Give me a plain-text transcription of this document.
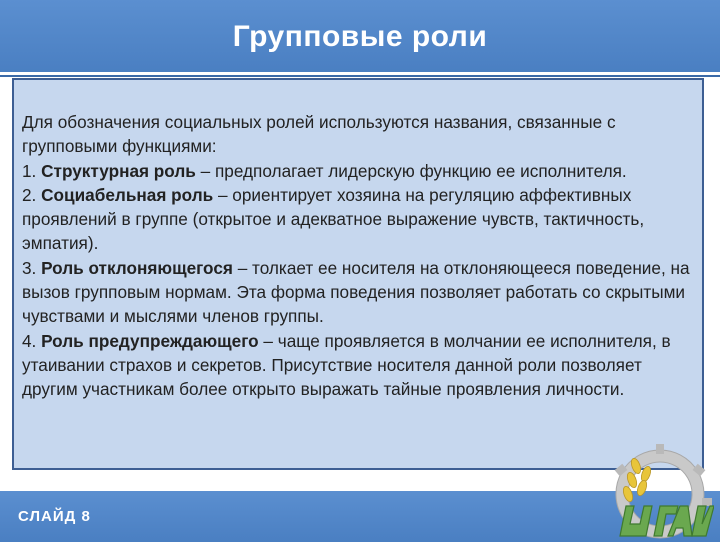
Групповые роли

Для обозначения социальных ролей используются названия, связанные с групповыми функциями:

1. Структурная роль – предполагает лидерскую функцию ее исполнителя.

2. Социабельная роль – ориентирует хозяина на регуляцию аффективных проявлений в группе (открытое и адекватное выражение чувств, тактичность, эмпатия).

3. Роль отклоняющегося – толкает ее носителя на отклоняющееся поведение, на вызов групповым нормам. Эта форма поведения позволяет работать со скрытыми чувствами и мыслями членов группы.

4. Роль предупреждающего – чаще проявляется в молчании ее исполнителя, в утаивании страхов и секретов. Присутствие носителя данной роли позволяет другим участникам более открыто выражать тайные проявления личности.

СЛАЙД 8
